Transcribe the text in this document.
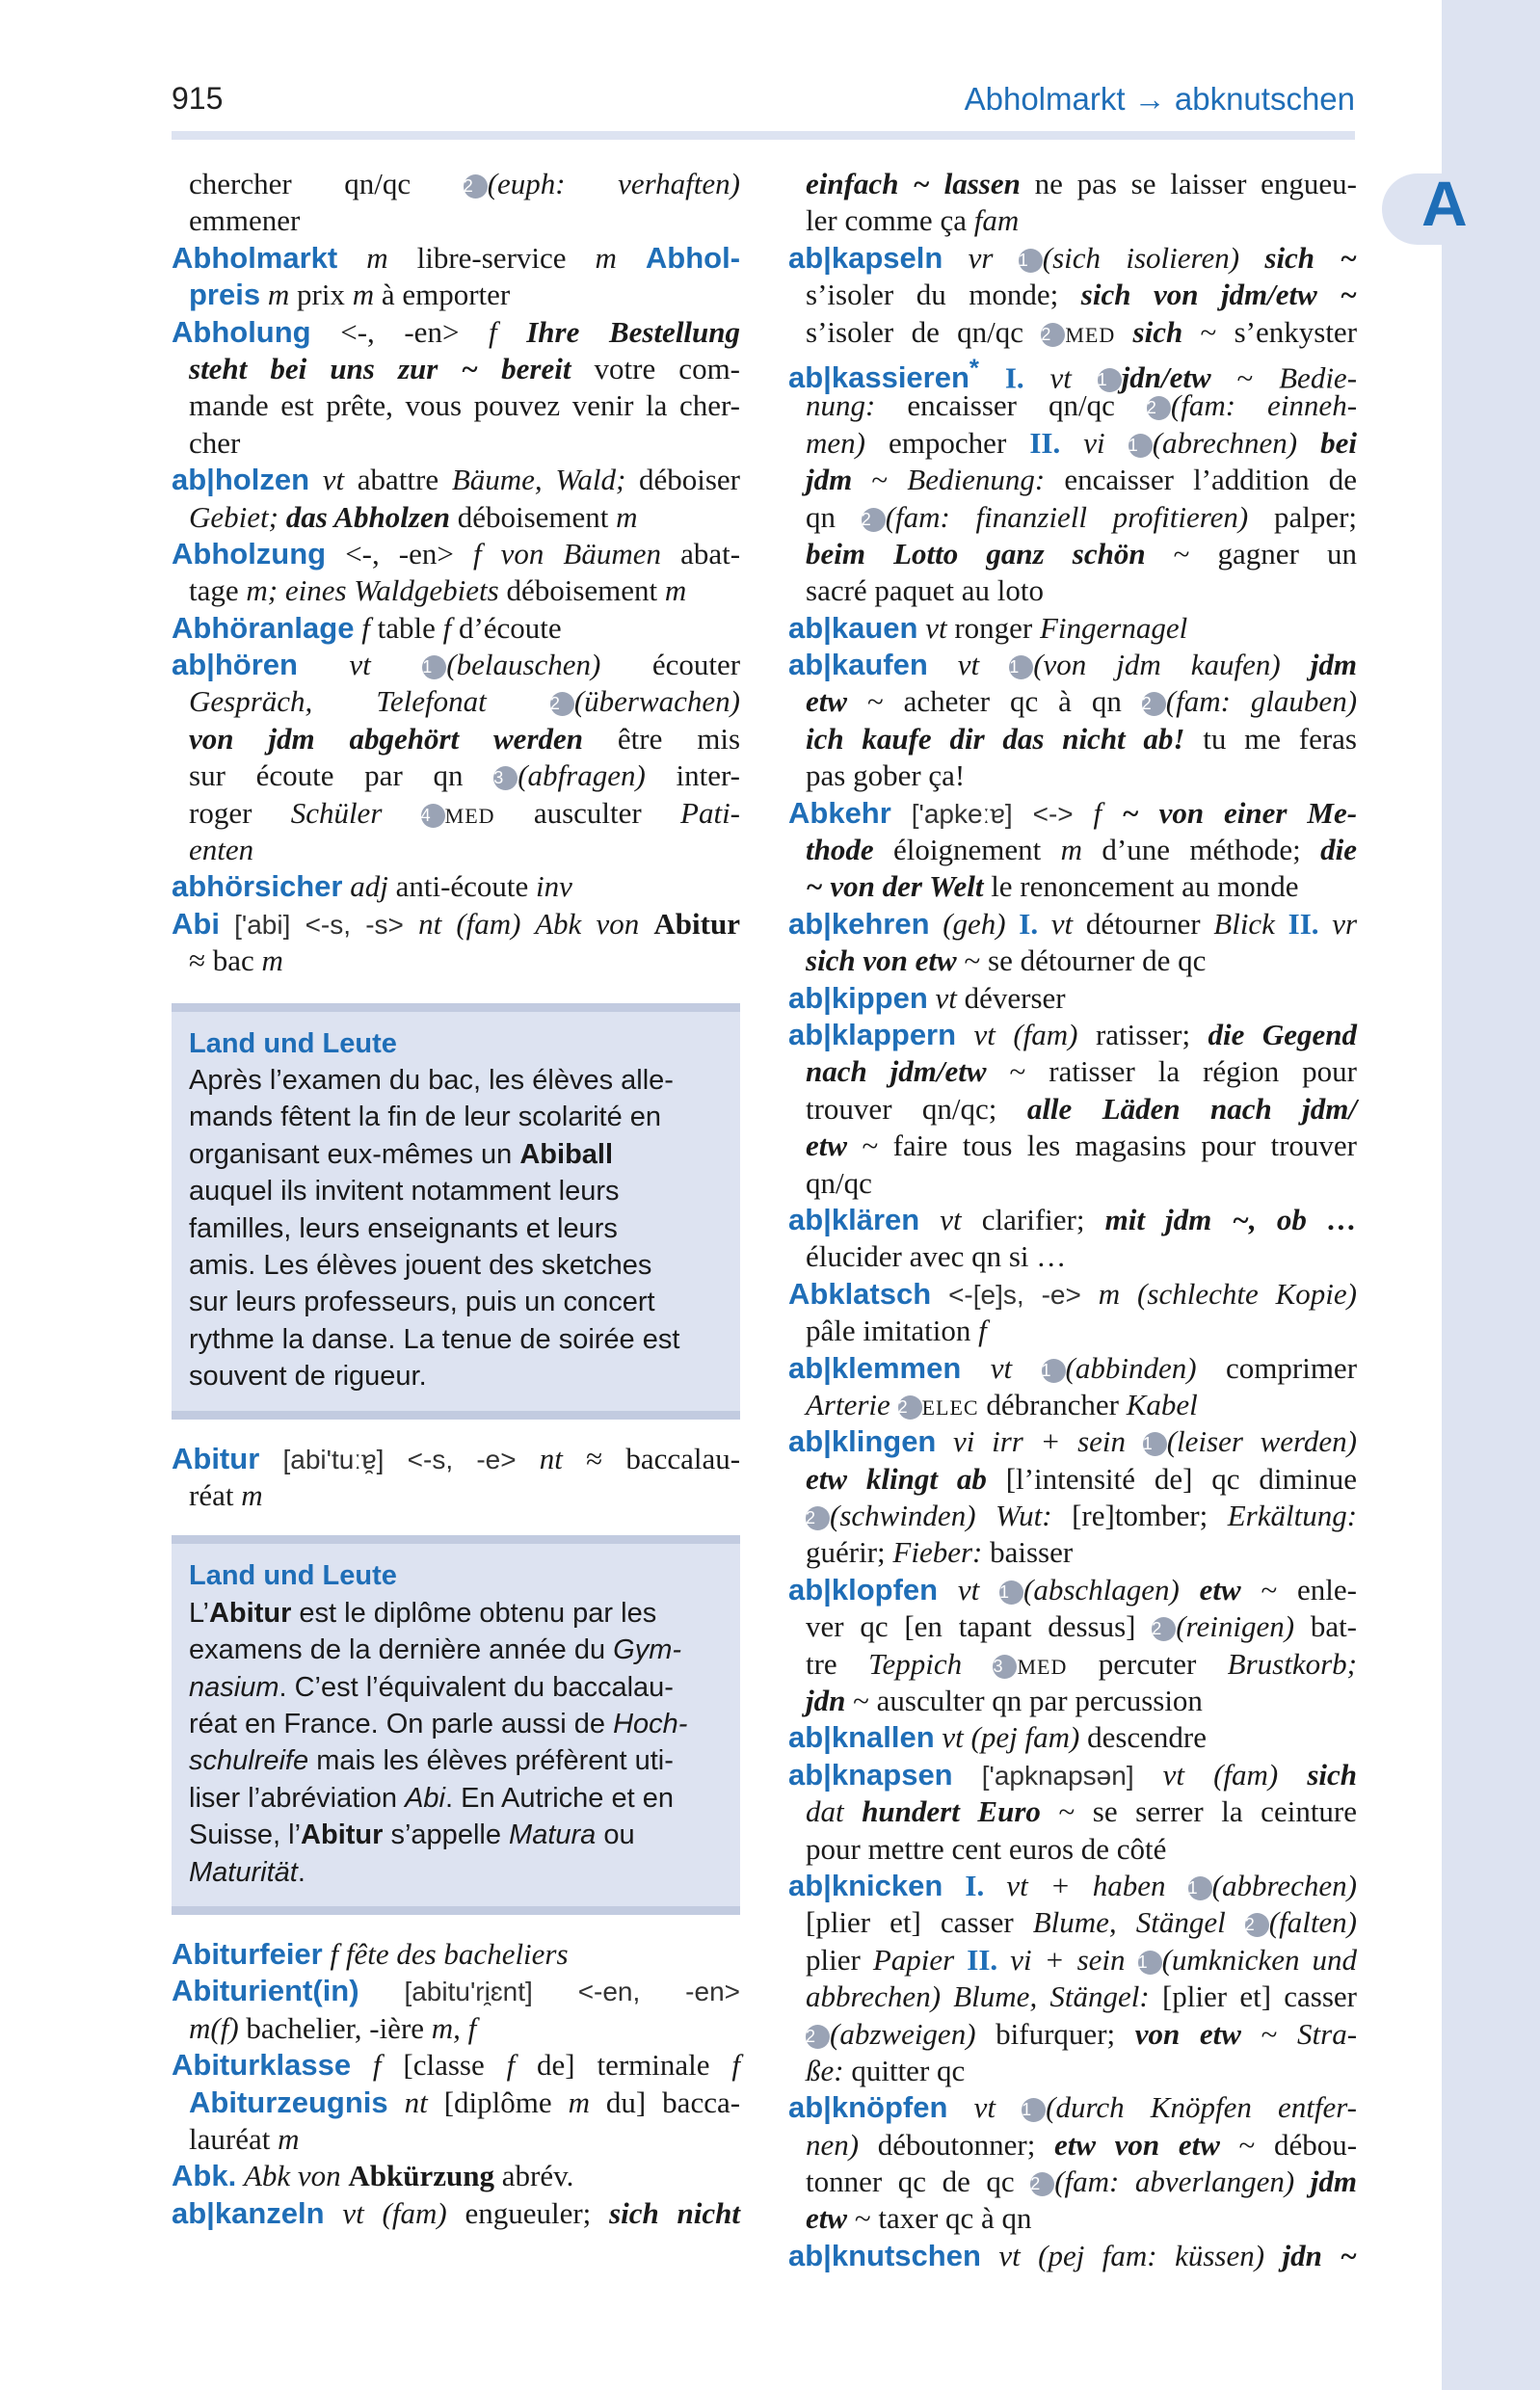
A
915	Abholmarkt → abknutschen
chercher qn/qc	2 (euph: verhaften)
emmener
Abholmarkt m libre-service m Abhol-
preis m prix m à emporter
Abholung <-, -en> f Ihre Bestellung
steht bei uns zur ~ bereit votre com-
mande est prête, vous pouvez venir la cher-
cher
ab|holzen vt abattre Bäume, Wald; déboiser
Gebiet; das Abholzen déboisement m
Abholzung <-, -en> f von Bäumen abat-
tage m; eines Waldgebiets déboisement m
Abhöranlage f table f d’écoute
ab|hören vt	1 (belauschen) écouter
Gespräch, Telefonat	2 (überwachen)
von jdm abgehört werden être mis
sur écoute par qn 3 (abfragen) inter-
roger Schüler 4 MED ausculter Pati-
enten
abhörsicher adj anti-écoute inv
Abi ['abi] <-s, -s> nt (fam) Abk von Abitur
≈ bac m
Land und Leute

Après l’examen du bac, les élèves alle-
mands fêtent la fin de leur scolarité en
organisant eux-mêmes un Abiball
auquel ils invitent notamment leurs
familles, leurs enseignants et leurs
amis. Les élèves jouent des sketches
sur leurs professeurs, puis un concert
rythme la danse. La tenue de soirée est
souvent de rigueur.

Abitur [abi'tuːɐ̯] <-s, -e> nt ≈ baccalau-
réat m
Land und Leute

L’Abitur est le diplôme obtenu par les
examens de la dernière année du Gym-
nasium. C’est l’équivalent du baccalau-
réat en France. On parle aussi de Hoch-
schulreife mais les élèves préfèrent uti-
liser l’abréviation Abi. En Autriche et en
Suisse, l’Abitur s’appelle Matura ou
Maturität.

Abiturfeier f fête des bacheliers
Abiturient(in) [abitu'ri̯ɛnt] <-en, -en>
m(f) bachelier, -ière m, f
Abiturklasse f [classe f de] terminale f
Abiturzeugnis nt [diplôme m du] bacca-
lauréat m
Abk. Abk von Abkürzung abrév.
ab|kanzeln vt (fam) engueuler; sich nicht
einfach ~ lassen ne pas se laisser engueu-
ler comme ça fam
ab|kapseln vr 1 (sich isolieren) sich ~
s’isoler du monde; sich von jdm/etw ~
s’isoler de qn/qc 2 MED sich ~ s’enkyster
ab|kassieren* I. vt 1 jdn/etw ~ Bedie-
nung: encaisser qn/qc 2 (fam: einneh-
men) empocher II. vi 1 (abrechnen) bei
jdm ~ Bedienung: encaisser l’addition de
qn 2 (fam: finanziell profitieren) palper;
beim Lotto ganz schön ~ gagner un
sacré paquet au loto
ab|kauen vt ronger Fingernagel
ab|kaufen vt 1 (von jdm kaufen) jdm
etw ~ acheter qc à qn 2 (fam: glauben)
ich kaufe dir das nicht ab! tu me feras
pas gober ça!
Abkehr ['apkeːɐ] <-> f ~ von einer Me-
thode éloignement m d’une méthode; die
~ von der Welt le renoncement au monde
ab|kehren (geh) I. vt détourner Blick II. vr
sich von etw ~ se détourner de qc
ab|kippen vt déverser
ab|klappern vt (fam) ratisser; die Gegend
nach jdm/etw ~ ratisser la région pour
trouver qn/qc; alle Läden nach jdm/
etw ~ faire tous les magasins pour trouver
qn/qc
ab|klären vt clarifier; mit jdm ~, ob …
élucider avec qn si …
Abklatsch <-[e]s, -e> m (schlechte Kopie)
pâle imitation f
ab|klemmen vt 1 (abbinden) comprimer
Arterie 2 ELEC débrancher Kabel
ab|klingen vi irr + sein 1 (leiser werden)
etw klingt ab [l’intensité de] qc diminue
2 (schwinden) Wut: [re]tomber; Erkältung:
guérir; Fieber: baisser
ab|klopfen vt 1 (abschlagen) etw ~ enle-
ver qc [en tapant dessus] 2 (reinigen) bat-
tre Teppich 3 MED percuter Brustkorb;
jdn ~ ausculter qn par percussion
ab|knallen vt (pej fam) descendre
ab|knapsen ['apknapsən] vt (fam) sich
dat hundert Euro ~ se serrer la ceinture
pour mettre cent euros de côté
ab|knicken I. vt + haben 1 (abbrechen)
[plier et] casser Blume, Stängel 2 (falten)
plier Papier II. vi + sein 1 (umknicken und
abbrechen) Blume, Stängel: [plier et] casser
2 (abzweigen) bifurquer; von etw ~ Stra-
ße: quitter qc
ab|knöpfen vt 1 (durch Knöpfen entfer-
nen) déboutonner; etw von etw ~ débou-
tonner qc de qc 2 (fam: abverlangen) jdm
etw ~ taxer qc à qn
ab|knutschen vt (pej fam: küssen) jdn ~
